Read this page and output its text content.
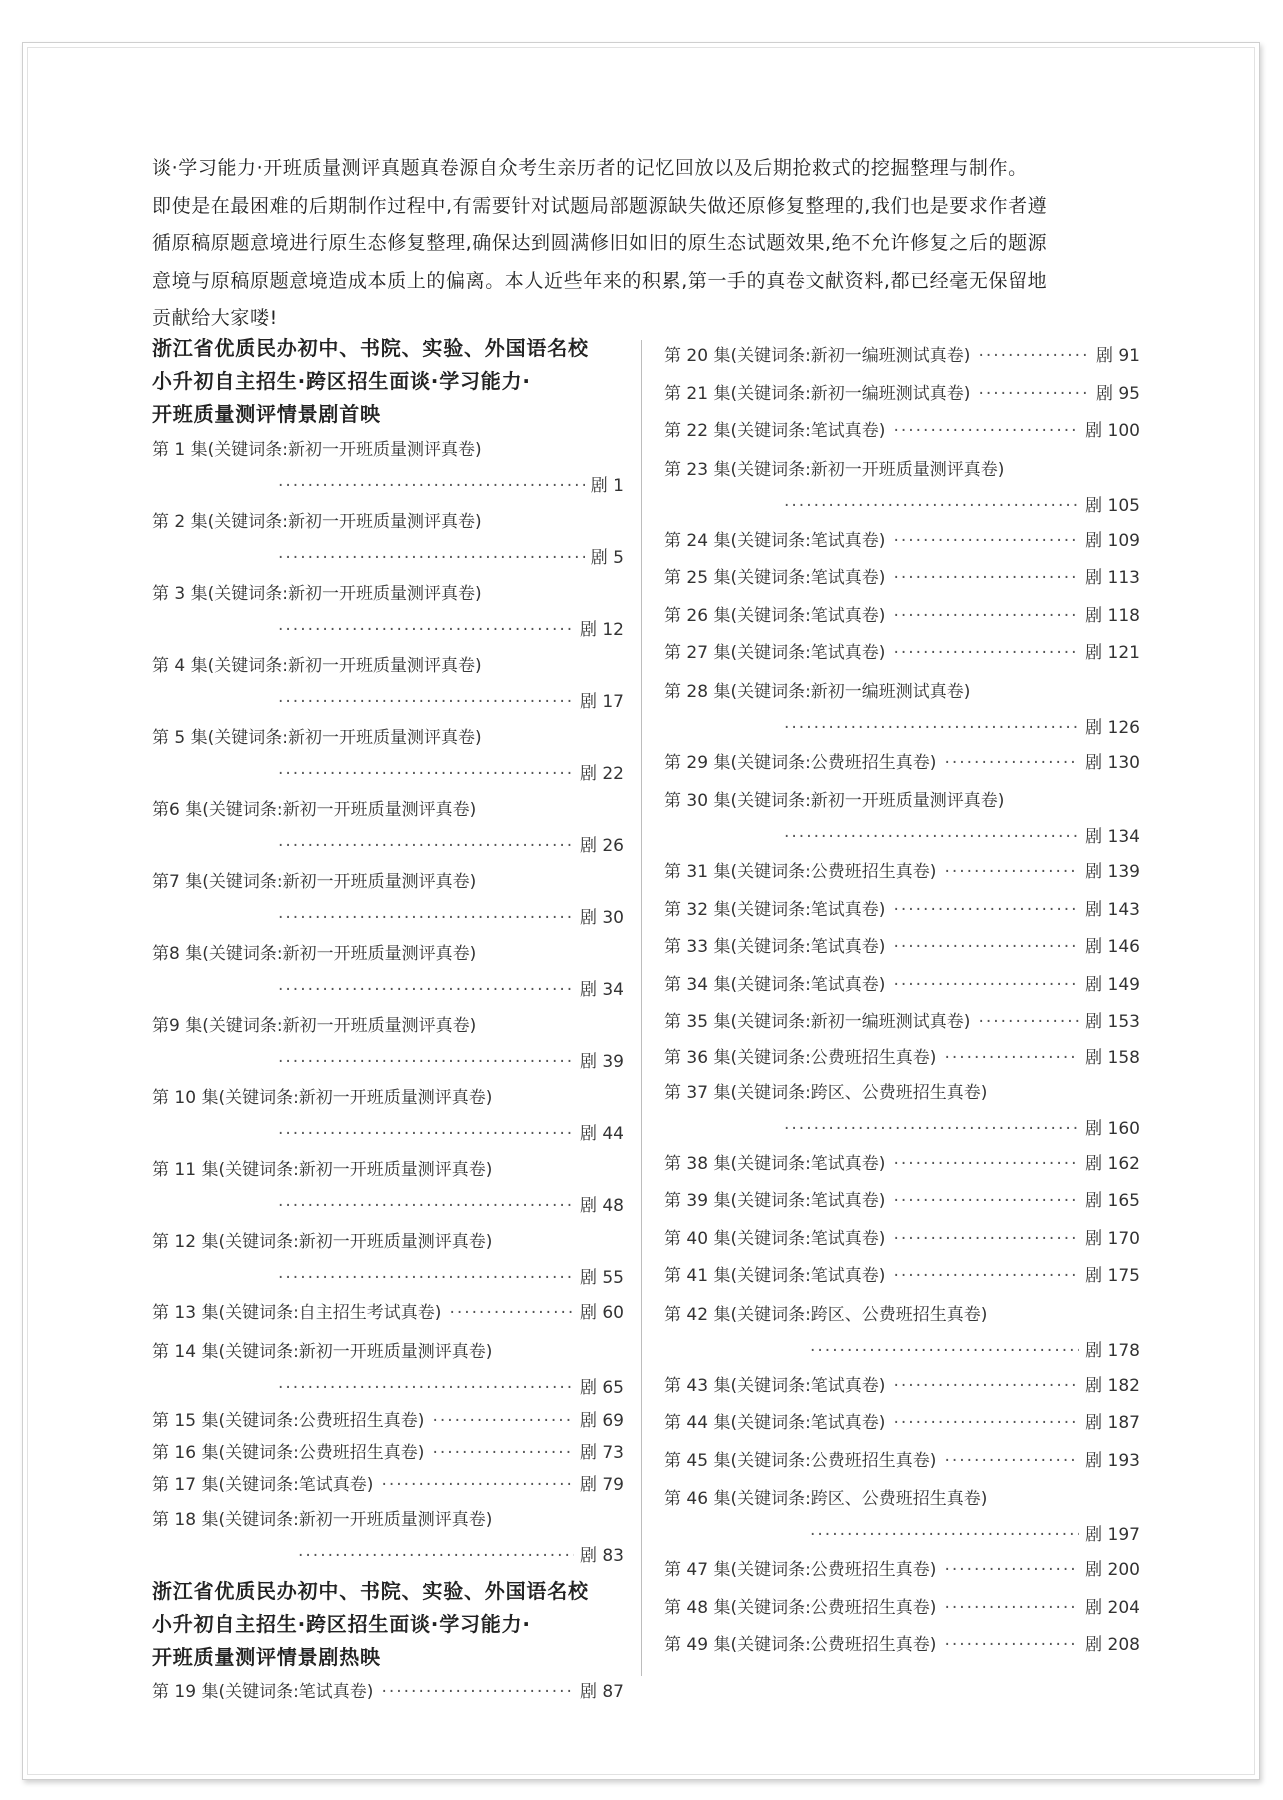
谈·学习能力·开班质量测评真题真卷源自众考生亲历者的记忆回放以及后期抢救式的挖掘整理与制作。

即使是在最困难的后期制作过程中,有需要针对试题局部题源缺失做还原修复整理的,我们也是要求作者遵

循原稿原题意境进行原生态修复整理,确保达到圆满修旧如旧的原生态试题效果,绝不允许修复之后的题源

意境与原稿原题意境造成本质上的偏离。本人近些年来的积累,第一手的真卷文献资料,都已经毫无保留地

贡献给大家喽!

浙江省优质民办初中、书院、实验、外国语名校
小升初自主招生·跨区招生面谈·学习能力·
开班质量测评情景剧首映
第 1 集(关键词条:新初一开班质量测评真卷)
·····
剧 1
第 2 集(关键词条:新初一开班质量测评真卷)
·····
剧 5
第 3 集(关键词条:新初一开班质量测评真卷)
·····
剧 12
第 4 集(关键词条:新初一开班质量测评真卷)
·····
剧 17
第 5 集(关键词条:新初一开班质量测评真卷)
·····
剧 22
第6 集(关键词条:新初一开班质量测评真卷)
·····
剧 26
第7 集(关键词条:新初一开班质量测评真卷)
·····
剧 30
第8 集(关键词条:新初一开班质量测评真卷)
·····
剧 34
第9 集(关键词条:新初一开班质量测评真卷)
·····
剧 39
第 10 集(关键词条:新初一开班质量测评真卷)
·····
剧 44
第 11 集(关键词条:新初一开班质量测评真卷)
·····
剧 48
第 12 集(关键词条:新初一开班质量测评真卷)
·····
剧 55
第 13 集(关键词条:自主招生考试真卷) ·····	剧 60
第 14 集(关键词条:新初一开班质量测评真卷)
·····
剧 65
第 15 集(关键词条:公费班招生真卷) ·····	剧 69
第 16 集(关键词条:公费班招生真卷) ·····	剧 73
第 17 集(关键词条:笔试真卷) ·····	剧 79
第 18 集(关键词条:新初一开班质量测评真卷)
·····
剧 83
浙江省优质民办初中、书院、实验、外国语名校
小升初自主招生·跨区招生面谈·学习能力·
开班质量测评情景剧热映
第 19 集(关键词条:笔试真卷) ·····	剧 87
第 20 集(关键词条:新初一编班测试真卷) ·····	剧 91
第 21 集(关键词条:新初一编班测试真卷) ·····	剧 95
第 22 集(关键词条:笔试真卷) ·····	剧 100
第 23 集(关键词条:新初一开班质量测评真卷)
·····
剧 105
第 24 集(关键词条:笔试真卷) ·····	剧 109
第 25 集(关键词条:笔试真卷) ·····	剧 113
第 26 集(关键词条:笔试真卷) ·····	剧 118
第 27 集(关键词条:笔试真卷) ·····	剧 121
第 28 集(关键词条:新初一编班测试真卷)
·····
剧 126
第 29 集(关键词条:公费班招生真卷) ·····	剧 130
第 30 集(关键词条:新初一开班质量测评真卷)
·····
剧 134
第 31 集(关键词条:公费班招生真卷) ·····	剧 139
第 32 集(关键词条:笔试真卷) ·····	剧 143
第 33 集(关键词条:笔试真卷) ·····	剧 146
第 34 集(关键词条:笔试真卷) ·····	剧 149
第 35 集(关键词条:新初一编班测试真卷) ·····	剧 153
第 36 集(关键词条:公费班招生真卷) ·····	剧 158
第 37 集(关键词条:跨区、公费班招生真卷)
·····
剧 160
第 38 集(关键词条:笔试真卷) ·····	剧 162
第 39 集(关键词条:笔试真卷) ·····	剧 165
第 40 集(关键词条:笔试真卷) ·····	剧 170
第 41 集(关键词条:笔试真卷) ·····	剧 175
第 42 集(关键词条:跨区、公费班招生真卷)
·····
剧 178
第 43 集(关键词条:笔试真卷) ·····	剧 182
第 44 集(关键词条:笔试真卷) ·····	剧 187
第 45 集(关键词条:公费班招生真卷) ·····	剧 193
第 46 集(关键词条:跨区、公费班招生真卷)
·····
剧 197
第 47 集(关键词条:公费班招生真卷) ·····	剧 200
第 48 集(关键词条:公费班招生真卷) ·····	剧 204
第 49 集(关键词条:公费班招生真卷) ·····	剧 208
